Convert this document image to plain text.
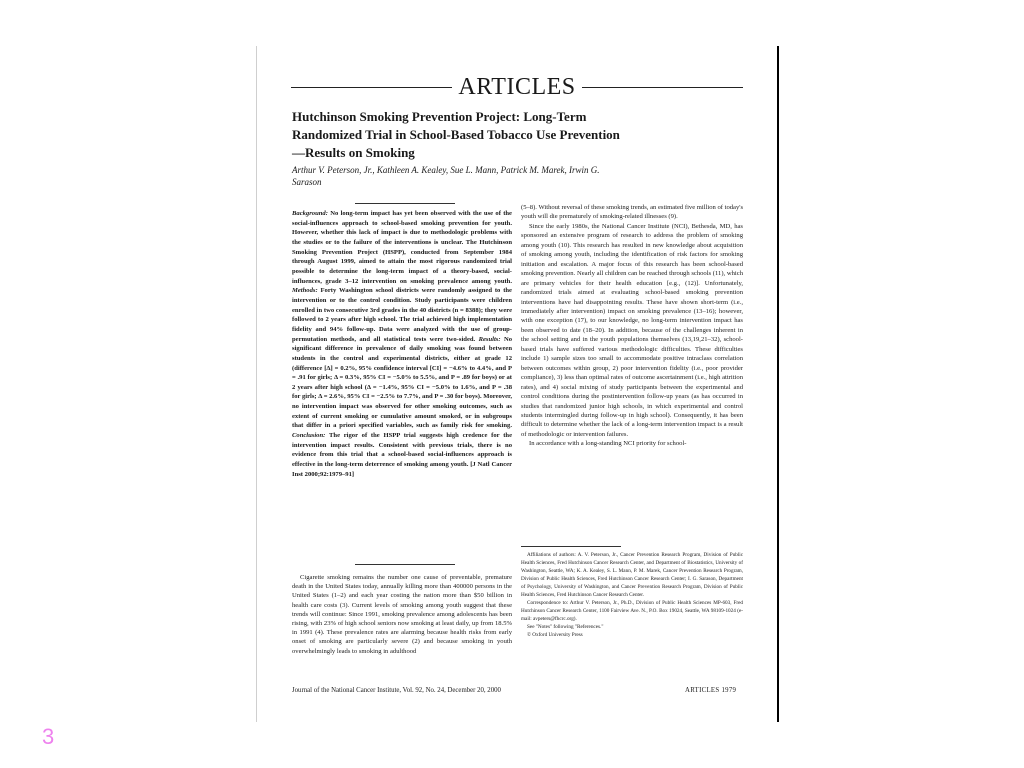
ARTICLES
Hutchinson Smoking Prevention Project: Long-Term Randomized Trial in School-Based Tobacco Use Prevention—Results on Smoking
Arthur V. Peterson, Jr., Kathleen A. Kealey, Sue L. Mann, Patrick M. Marek, Irwin G. Sarason
Background: No long-term impact has yet been observed with the use of the social-influences approach to school-based smoking prevention for youth. However, whether this lack of impact is due to methodologic problems with the studies or to the failure of the interventions is unclear. The Hutchinson Smoking Prevention Project (HSPP), conducted from September 1984 through August 1999, aimed to attain the most rigorous randomized trial possible to determine the long-term impact of a theory-based, social-influences, grade 3–12 intervention on smoking prevalence among youth. Methods: Forty Washington school districts were randomly assigned to the intervention or to the control condition. Study participants were children enrolled in two consecutive 3rd grades in the 40 districts (n = 8388); they were followed to 2 years after high school. The trial achieved high implementation fidelity and 94% follow-up. Data were analyzed with the use of group-permutation methods, and all statistical tests were two-sided. Results: No significant difference in prevalence of daily smoking was found between students in the control and experimental districts, either at grade 12 (difference [Δ] = 0.2%, 95% confidence interval [CI] = −4.6% to 4.4%, and P = .91 for girls; Δ = 0.3%, 95% CI = −5.0% to 5.5%, and P = .89 for boys) or at 2 years after high school (Δ = −1.4%, 95% CI = −5.0% to 1.6%, and P = .38 for girls; Δ = 2.6%, 95% CI = −2.5% to 7.7%, and P = .30 for boys). Moreover, no intervention impact was observed for other smoking outcomes, such as extent of current smoking or cumulative amount smoked, or in subgroups that differ in a priori specified variables, such as family risk for smoking. Conclusion: The rigor of the HSPP trial suggests high credence for the intervention impact results. Consistent with previous trials, there is no evidence from this trial that a school-based social-influences approach is effective in the long-term deterrence of smoking among youth. [J Natl Cancer Inst 2000;92:1979–91]
Cigarette smoking remains the number one cause of preventable, premature death in the United States today, annually killing more than 400000 persons in the United States (1–2) and each year costing the nation more than $50 billion in health care costs (3). Current levels of smoking among youth suggest that these trends will continue: Since 1991, smoking prevalence among adolescents has been rising, with 23% of high school seniors now smoking at least daily, up from 18.5% in 1991 (4). These prevalence rates are alarming because health risks from early onset of smoking are particularly severe (2) and because smoking in youth overwhelmingly leads to smoking in adulthood

(5–8). Without reversal of these smoking trends, an estimated five million of today's youth will die prematurely of smoking-related illnesses (9).

Since the early 1980s, the National Cancer Institute (NCI), Bethesda, MD, has sponsored an extensive program of research to address the problem of smoking among youth (10). This research has resulted in new knowledge about acquisition of smoking among youth, including the identification of risk factors for smoking initiation and escalation. A major focus of this research has been school-based smoking prevention. Nearly all children can be reached through schools (11), which are primary vehicles for their health education [e.g., (12)]. Unfortunately, randomized trials aimed at evaluating school-based smoking prevention interventions have had disappointing results. These have shown short-term (i.e., immediately after intervention) impact on smoking prevalence (13–16); however, with one exception (17), to our knowledge, no long-term intervention impact has been observed to date (18–20). In addition, because of the challenges inherent in the school setting and in the youth populations themselves (13,19,21–32), school-based trials have suffered various methodologic difficulties. These difficulties include 1) sample sizes too small to accommodate positive intraclass correlation between outcomes within group, 2) poor intervention fidelity (i.e., poor provider compliance), 3) less than optimal rates of outcome ascertainment (i.e., high attrition rates), and 4) social mixing of study participants between the experimental and control conditions during the postintervention follow-up years (as has occurred in studies that randomized junior high schools, in which experimental and control students intermingled during follow-up in high school). Consequently, it has been difficult to determine whether the lack of a long-term intervention impact is a result of methodologic or intervention failures.

In accordance with a long-standing NCI priority for school-

Affiliations of authors: A. V. Peterson, Jr., Cancer Prevention Research Program, Division of Public Health Sciences, Fred Hutchinson Cancer Research Center, and Department of Biostatistics, University of Washington, Seattle, WA; K. A. Kealey, S. L. Mann, P. M. Marek, Cancer Prevention Research Program, Division of Public Health Sciences, Fred Hutchinson Cancer Research Center; I. G. Sarason, Department of Psychology, University of Washington, and Cancer Prevention Research Program, Division of Public Health Sciences, Fred Hutchinson Cancer Research Center.

Correspondence to: Arthur V. Peterson, Jr., Ph.D., Division of Public Health Sciences MP-603, Fred Hutchinson Cancer Research Center, 1100 Fairview Ave. N., P.O. Box 19024, Seattle, WA 98109-1024 (e-mail: avpeters@fhcrc.org).

See "Notes" following "References."

© Oxford University Press

Journal of the National Cancer Institute, Vol. 92, No. 24, December 20, 2000	ARTICLES 1979
3
